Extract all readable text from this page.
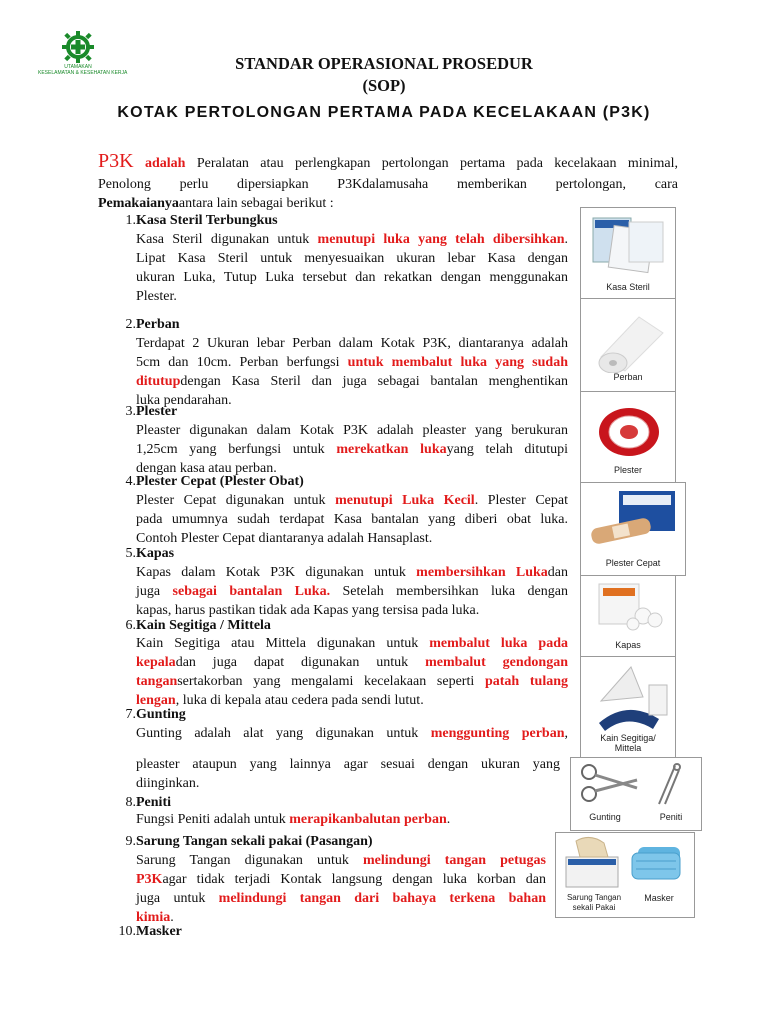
UTAMAKAN
KESELAMATAN & KESEHATAN KERJA	STANDAR OPERASIONAL PROSEDUR
(SOP)
KOTAK PERTOLONGAN PERTAMA PADA KECELAKAAN (P3K)
P3K adalah Peralatan atau perlengkapan pertolongan pertama pada kecelakaan minimal,
Penolong perlu dipersiapkan P3Kdalamusaha memberikan pertolongan, cara
Pemakaianyaantara lain sebagai berikut :
1. Kasa Steril Terbungkus
Kasa Steril digunakan untuk menutupi luka yang telah dibersihkan.
Lipat Kasa Steril untuk menyesuaikan ukuran lebar Kasa dengan
ukuran Luka, Tutup Luka tersebut dan rekatkan dengan menggunakan
Plester.
2. Perban
Terdapat 2 Ukuran lebar Perban dalam Kotak P3K, diantaranya adalah
5cm dan 10cm. Perban berfungsi untuk membalut luka yang sudah
ditutupdengan Kasa Steril dan juga sebagai bantalan menghentikan
luka pendarahan.
3. Plester
Pleaster digunakan dalam Kotak P3K adalah pleaster yang berukuran
1,25cm yang berfungsi untuk merekatkan lukayang telah ditutupi
dengan kasa atau perban.
4. Plester Cepat (Plester Obat)
Plester Cepat digunakan untuk menutupi Luka Kecil. Plester Cepat
pada umumnya sudah terdapat Kasa bantalan yang diberi obat luka.
Contoh Plester Cepat diantaranya adalah Hansaplast.
5. Kapas
Kapas dalam Kotak P3K digunakan untuk membersihkan Lukadan
juga sebagai bantalan Luka. Setelah membersihkan luka dengan
kapas, harus pastikan tidak ada Kapas yang tersisa pada luka.
6. Kain Segitiga / Mittela
Kain Segitiga atau Mittela digunakan untuk membalut luka pada
kepaladan juga dapat digunakan untuk membalut gendongan
tangansertakorban yang mengalami kecelakaan seperti patah tulang
lengan, luka di kepala atau cedera pada sendi lutut.
7. Gunting
Gunting adalah alat yang digunakan untuk menggunting perban,
pleaster ataupun yang lainnya agar sesuai dengan ukuran yang
diinginkan.
8. Peniti
Fungsi Peniti adalah untuk merapikanbalutan perban.
9. Sarung Tangan sekali pakai (Pasangan)
Sarung Tangan digunakan untuk melindungi tangan petugas
P3Kagar tidak terjadi Kontak langsung dengan luka korban dan
juga untuk melindungi tangan dari bahaya terkena bahan
kimia.
10. Masker
Kasa Steril
Perban
Plester
Plester Cepat
Kapas
Kain Segitiga/
Mittela
Gunting	Peniti
Sarung Tangan
sekali Pakai
Masker
